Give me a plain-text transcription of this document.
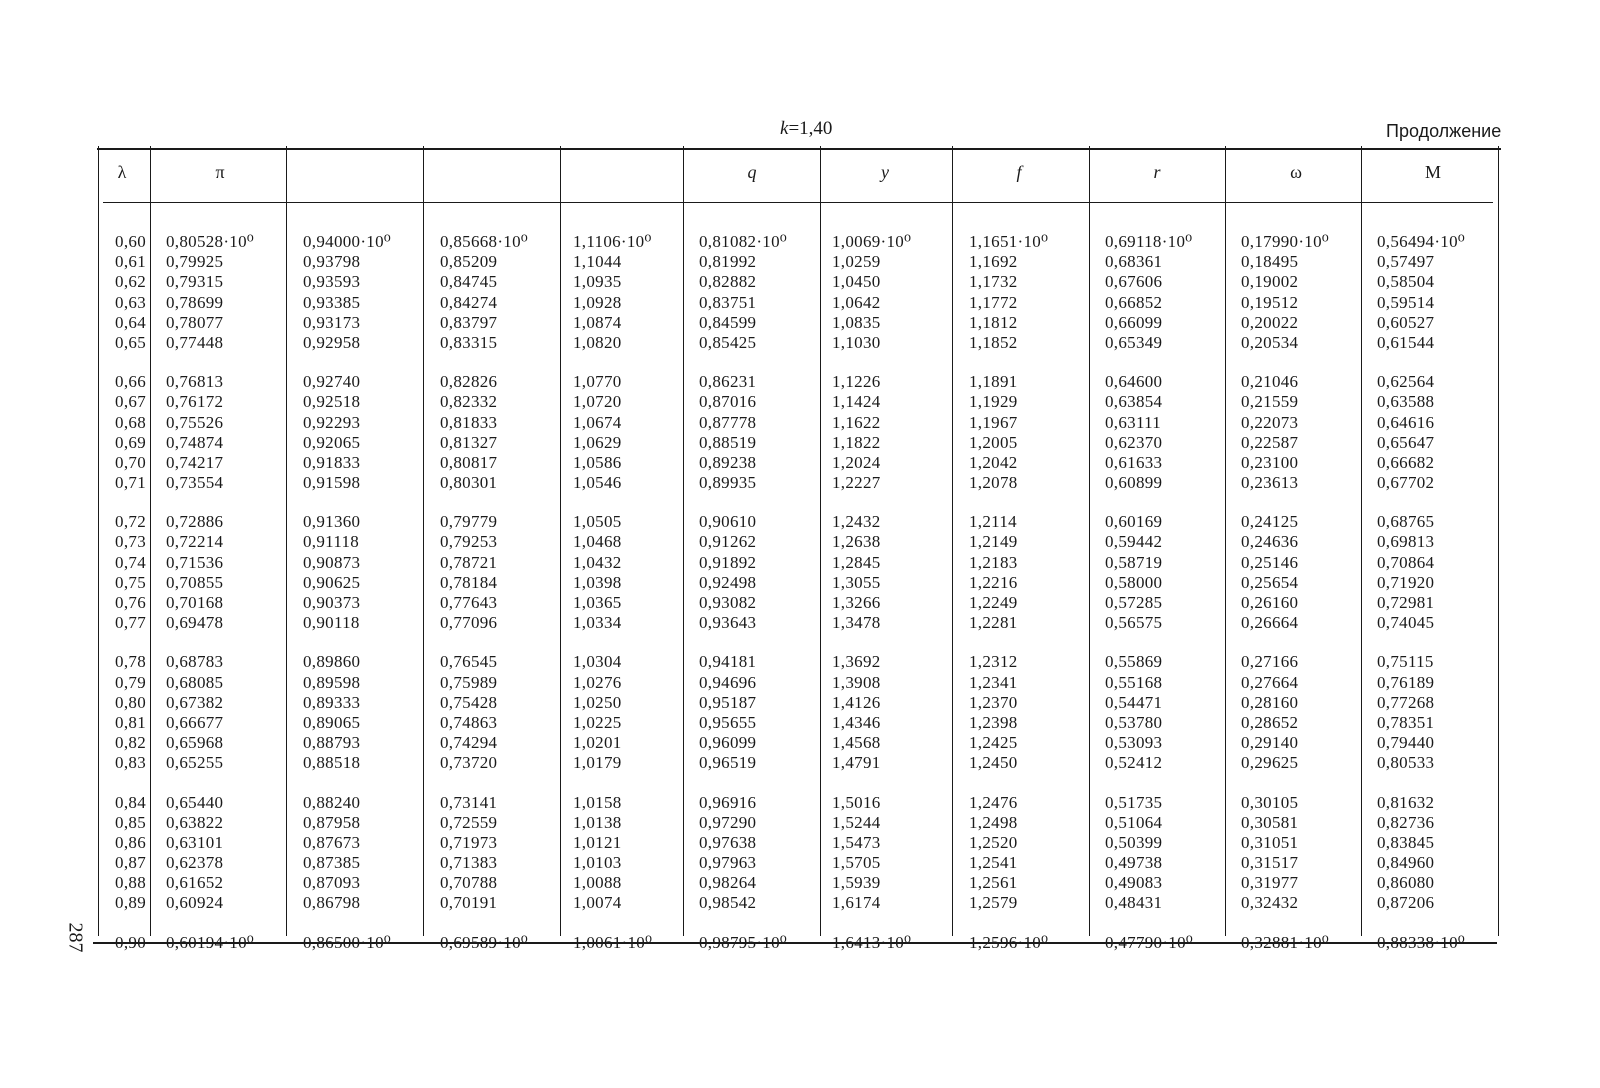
k=1,40	Продолжение
287
λ
0,60
0,61
0,62
0,63
0,64
0,65
0,66
0,67
0,68
0,69
0,70
0,71
0,72
0,73
0,74
0,75
0,76
0,77
0,78
0,79
0,80
0,81
0,82
0,83
0,84
0,85
0,86
0,87
0,88
0,89
0,90
π
0,80528·10⁰
0,79925
0,79315
0,78699
0,78077
0,77448
0,76813
0,76172
0,75526
0,74874
0,74217
0,73554
0,72886
0,72214
0,71536
0,70855
0,70168
0,69478
0,68783
0,68085
0,67382
0,66677
0,65968
0,65255
0,65440
0,63822
0,63101
0,62378
0,61652
0,60924
0,60194·10⁰
0,94000·10⁰
0,93798
0,93593
0,93385
0,93173
0,92958
0,92740
0,92518
0,92293
0,92065
0,91833
0,91598
0,91360
0,91118
0,90873
0,90625
0,90373
0,90118
0,89860
0,89598
0,89333
0,89065
0,88793
0,88518
0,88240
0,87958
0,87673
0,87385
0,87093
0,86798
0,86500·10⁰
0,85668·10⁰
0,85209
0,84745
0,84274
0,83797
0,83315
0,82826
0,82332
0,81833
0,81327
0,80817
0,80301
0,79779
0,79253
0,78721
0,78184
0,77643
0,77096
0,76545
0,75989
0,75428
0,74863
0,74294
0,73720
0,73141
0,72559
0,71973
0,71383
0,70788
0,70191
0,69589·10⁰
1,1106·10⁰
1,1044
1,0935
1,0928
1,0874
1,0820
1,0770
1,0720
1,0674
1,0629
1,0586
1,0546
1,0505
1,0468
1,0432
1,0398
1,0365
1,0334
1,0304
1,0276
1,0250
1,0225
1,0201
1,0179
1,0158
1,0138
1,0121
1,0103
1,0088
1,0074
1,0061·10⁰
q
0,81082·10⁰
0,81992
0,82882
0,83751
0,84599
0,85425
0,86231
0,87016
0,87778
0,88519
0,89238
0,89935
0,90610
0,91262
0,91892
0,92498
0,93082
0,93643
0,94181
0,94696
0,95187
0,95655
0,96099
0,96519
0,96916
0,97290
0,97638
0,97963
0,98264
0,98542
0,98795·10⁰
y
1,0069·10⁰
1,0259
1,0450
1,0642
1,0835
1,1030
1,1226
1,1424
1,1622
1,1822
1,2024
1,2227
1,2432
1,2638
1,2845
1,3055
1,3266
1,3478
1,3692
1,3908
1,4126
1,4346
1,4568
1,4791
1,5016
1,5244
1,5473
1,5705
1,5939
1,6174
1,6413·10⁰
f
1,1651·10⁰
1,1692
1,1732
1,1772
1,1812
1,1852
1,1891
1,1929
1,1967
1,2005
1,2042
1,2078
1,2114
1,2149
1,2183
1,2216
1,2249
1,2281
1,2312
1,2341
1,2370
1,2398
1,2425
1,2450
1,2476
1,2498
1,2520
1,2541
1,2561
1,2579
1,2596·10⁰
r
0,69118·10⁰
0,68361
0,67606
0,66852
0,66099
0,65349
0,64600
0,63854
0,63111
0,62370
0,61633
0,60899
0,60169
0,59442
0,58719
0,58000
0,57285
0,56575
0,55869
0,55168
0,54471
0,53780
0,53093
0,52412
0,51735
0,51064
0,50399
0,49738
0,49083
0,48431
0,47790·10⁰
ω
0,17990·10⁰
0,18495
0,19002
0,19512
0,20022
0,20534
0,21046
0,21559
0,22073
0,22587
0,23100
0,23613
0,24125
0,24636
0,25146
0,25654
0,26160
0,26664
0,27166
0,27664
0,28160
0,28652
0,29140
0,29625
0,30105
0,30581
0,31051
0,31517
0,31977
0,32432
0,32881·10⁰
M
0,56494·10⁰
0,57497
0,58504
0,59514
0,60527
0,61544
0,62564
0,63588
0,64616
0,65647
0,66682
0,67702
0,68765
0,69813
0,70864
0,71920
0,72981
0,74045
0,75115
0,76189
0,77268
0,78351
0,79440
0,80533
0,81632
0,82736
0,83845
0,84960
0,86080
0,87206
0,88338·10⁰
